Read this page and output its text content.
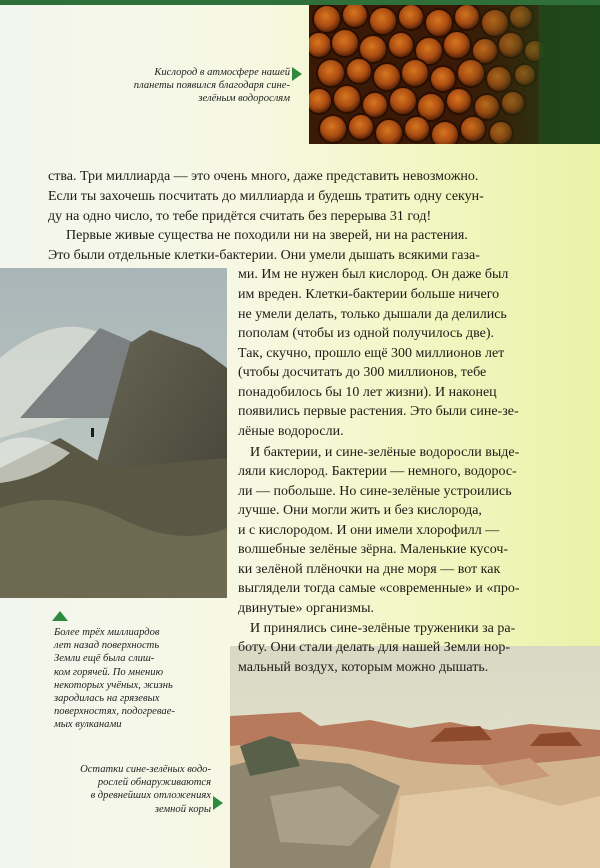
Кислород в атмосфере нашей
планеты появился благодаря сине-
зелёным водорослям
Более трёх миллиардов
лет назад поверхность
Земли ещё была слиш-
ком горячей. По мнению
некоторых учёных, жизнь
зародилась на грязевых
поверхностях, подогревае-
мых вулканами
Остатки сине-зелёных водо-
рослей обнаруживаются
в древнейших отложениях
земной коры
ства. Три миллиарда — это очень много, даже представить невозможно.
Если ты захочешь посчитать до миллиарда и будешь тратить одну секун-
ду на одно число, то тебе придётся считать без перерыва 31 год!
Первые живые существа не походили ни на зверей, ни на растения.
Это были отдельные клетки-бактерии. Они умели дышать всякими газа-
ми. Им не нужен был кислород. Он даже был
им вреден. Клетки-бактерии больше ничего
не умели делать, только дышали да делились
пополам (чтобы из одной получилось две).
Так, скучно, прошло ещё 300 миллионов лет
(чтобы досчитать до 300 миллионов, тебе
понадобилось бы 10 лет жизни). И наконец
появились первые растения. Это были сине-зе-
лёные водоросли.
И бактерии, и сине-зелёные водоросли выде-
ляли кислород. Бактерии — немного, водорос-
ли — побольше. Но сине-зелёные устроились
лучше. Они могли жить и без кислорода,
и с кислородом. И они имели хлорофилл —
волшебные зелёные зёрна. Маленькие кусоч-
ки зелёной плёночки на дне моря — вот как
выглядели тогда самые «современные» и «про-
двинутые» организмы.
И принялись сине-зелёные труженики за ра-
боту. Они стали делать для нашей Земли нор-
мальный воздух, которым можно дышать.
